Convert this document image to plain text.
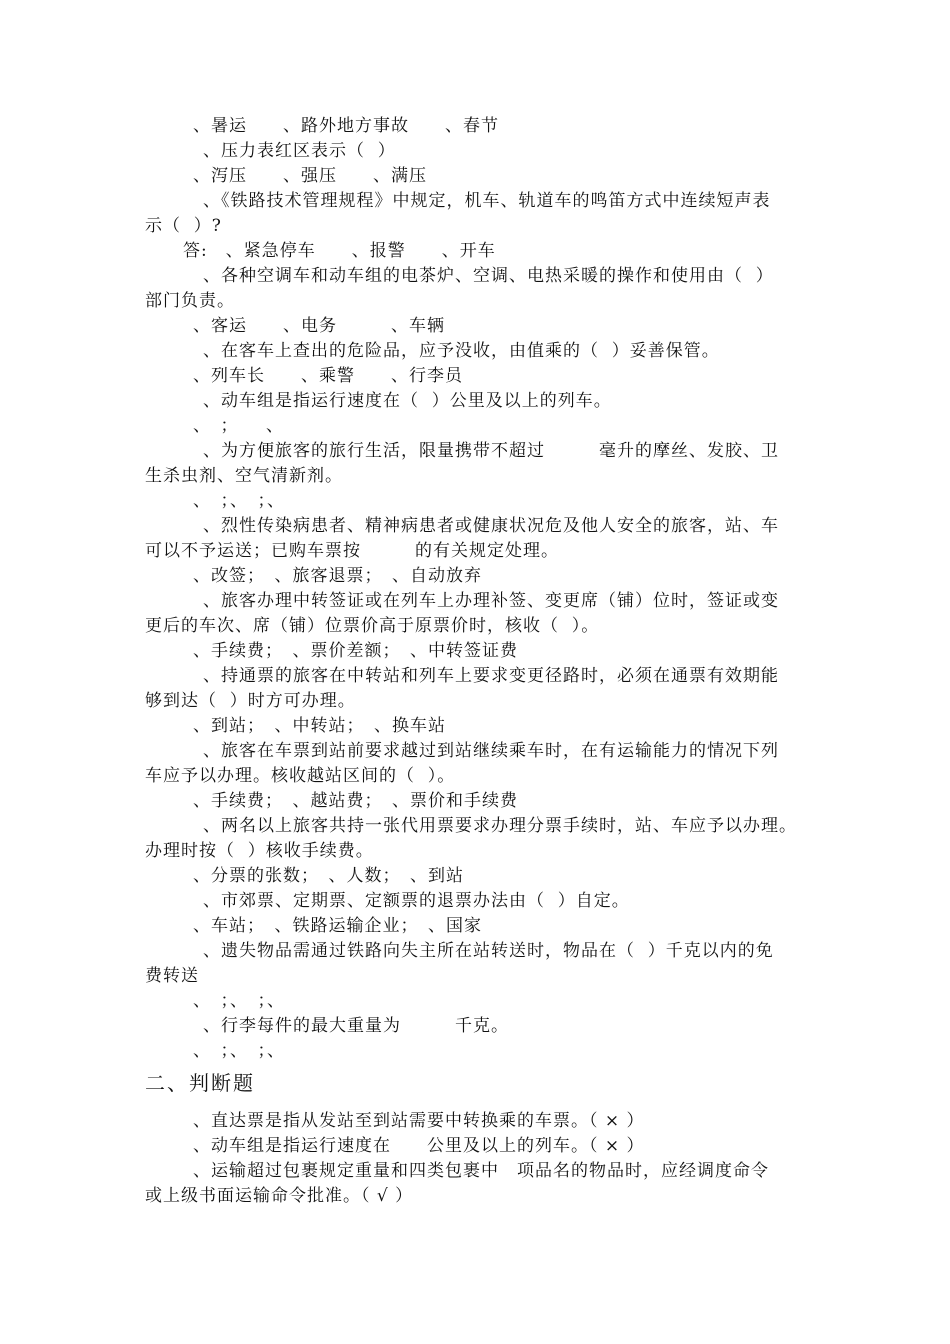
、暑运　　、路外地方事故　　、春节
、压力表红区表示（  ）
、泻压　　、强压　　、满压
、《铁路技术管理规程》中规定，机车、轨道车的鸣笛方式中连续短声表
示（  ）?
答:　、紧急停车　　、报警　　、开车
、各种空调车和动车组的电茶炉、空调、电热采暖的操作和使用由（  ）
部门负责。
、客运　　、电务　　　、车辆
、在客车上查出的危险品，应予没收，由值乘的（  ）妥善保管。
、列车长　　、乘警　　、行李员
、动车组是指运行速度在（  ）公里及以上的列车。
、　；　　、
、为方便旅客的旅行生活，限量携带不超过　　　毫升的摩丝、发胶、卫
生杀虫剂、空气清新剂。
、　；、　；、
、烈性传染病患者、精神病患者或健康状况危及他人安全的旅客，站、车
可以不予运送；已购车票按　　　的有关规定处理。
、改签；　、旅客退票；　、自动放弃
、旅客办理中转签证或在列车上办理补签、变更席（铺）位时，签证或变
更后的车次、席（铺）位票价高于原票价时，核收（  ）。
、手续费；　、票价差额；　、中转签证费
、持通票的旅客在中转站和列车上要求变更径路时，必须在通票有效期能
够到达（  ）时方可办理。
、到站；　、中转站；　、换车站
、旅客在车票到站前要求越过到站继续乘车时，在有运输能力的情况下列
车应予以办理。核收越站区间的（  ）。
、手续费；　、越站费；　、票价和手续费
、两名以上旅客共持一张代用票要求办理分票手续时，站、车应予以办理。
办理时按（  ）核收手续费。
、分票的张数；　、人数；　、到站
、市郊票、定期票、定额票的退票办法由（  ）自定。
、车站；　、铁路运输企业；　、国家
、遗失物品需通过铁路向失主所在站转送时，物品在（  ）千克以内的免
费转送
、　；、　；、
、行李每件的最大重量为　　　千克。
、　；、　；、
二、判断题
、直达票是指从发站至到站需要中转换乘的车票。（ × ）
、动车组是指运行速度在　　公里及以上的列车。（ × ）
、运输超过包裹规定重量和四类包裹中　项品名的物品时，应经调度命令
或上级书面运输命令批准。（ √ ）
